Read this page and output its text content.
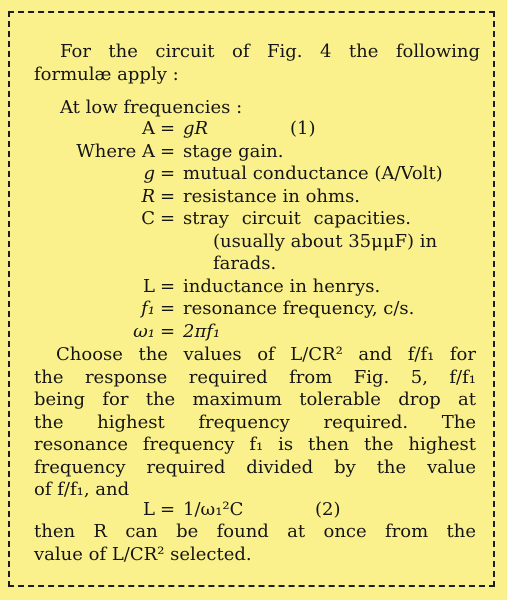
For the circuit of Fig. 4 the following
formulæ apply :
At low frequencies :
A = gR	(1)
Where A = stage gain.
g = mutual conductance (A/Volt)
R = resistance in ohms.
C = stray circuit capacities.
(usually about 35μμF) in
farads.
L = inductance in henrys.
f₁ = resonance frequency, c/s.
ω₁ = 2πf₁
Choose the values of L/CR² and f/f₁ for
the response required from Fig. 5, f/f₁
being for the maximum tolerable drop at
the highest frequency required. The
resonance frequency f₁ is then the highest
frequency required divided by the value
of f/f₁, and
L = 1/ω₁²C	(2)
then R can be found at once from the
value of L/CR² selected.
